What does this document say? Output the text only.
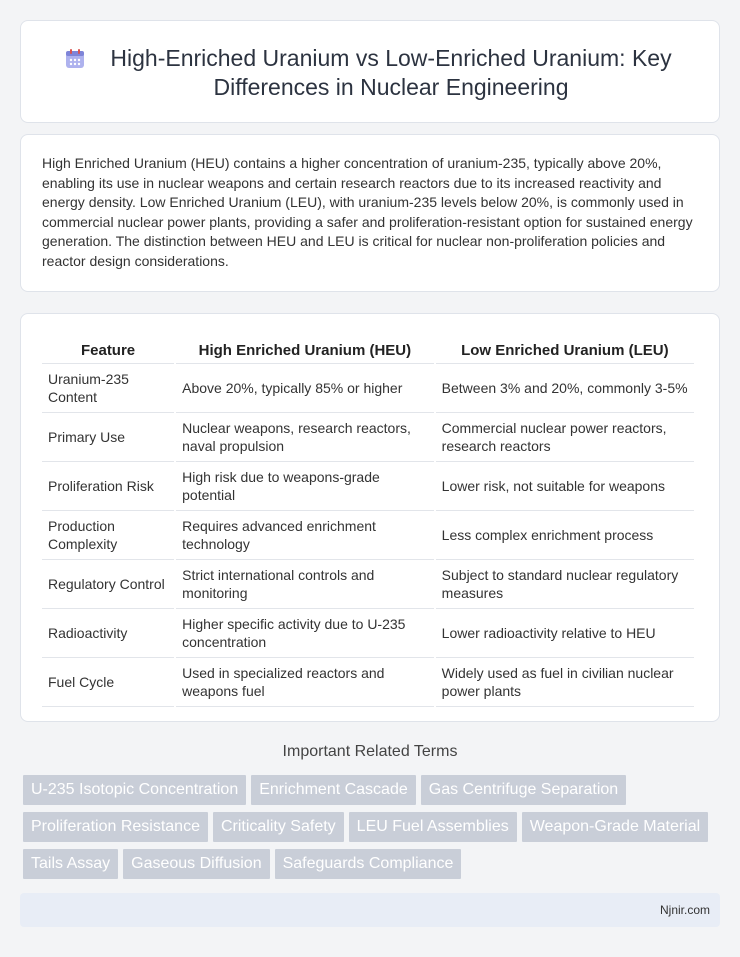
High-Enriched Uranium vs Low-Enriched Uranium: Key Differences in Nuclear Engineering

High Enriched Uranium (HEU) contains a higher concentration of uranium-235, typically above 20%, enabling its use in nuclear weapons and certain research reactors due to its increased reactivity and energy density. Low Enriched Uranium (LEU), with uranium-235 levels below 20%, is commonly used in commercial nuclear power plants, providing a safer and proliferation-resistant option for sustained energy generation. The distinction between HEU and LEU is critical for nuclear non-proliferation policies and reactor design considerations.

Feature	High Enriched Uranium (HEU)	Low Enriched Uranium (LEU)
Uranium-235 Content	Above 20%, typically 85% or higher	Between 3% and 20%, commonly 3-5%
Primary Use	Nuclear weapons, research reactors, naval propulsion	Commercial nuclear power reactors, research reactors
Proliferation Risk	High risk due to weapons-grade potential	Lower risk, not suitable for weapons
Production Complexity	Requires advanced enrichment technology	Less complex enrichment process
Regulatory Control	Strict international controls and monitoring	Subject to standard nuclear regulatory measures
Radioactivity	Higher specific activity due to U-235 concentration	Lower radioactivity relative to HEU
Fuel Cycle	Used in specialized reactors and weapons fuel	Widely used as fuel in civilian nuclear power plants
Important Related Terms
U-235 Isotopic Concentration Enrichment Cascade Gas Centrifuge Separation
Proliferation Resistance Criticality Safety LEU Fuel Assemblies Weapon-Grade Material
Tails Assay Gaseous Diffusion Safeguards Compliance
Njnir.com
